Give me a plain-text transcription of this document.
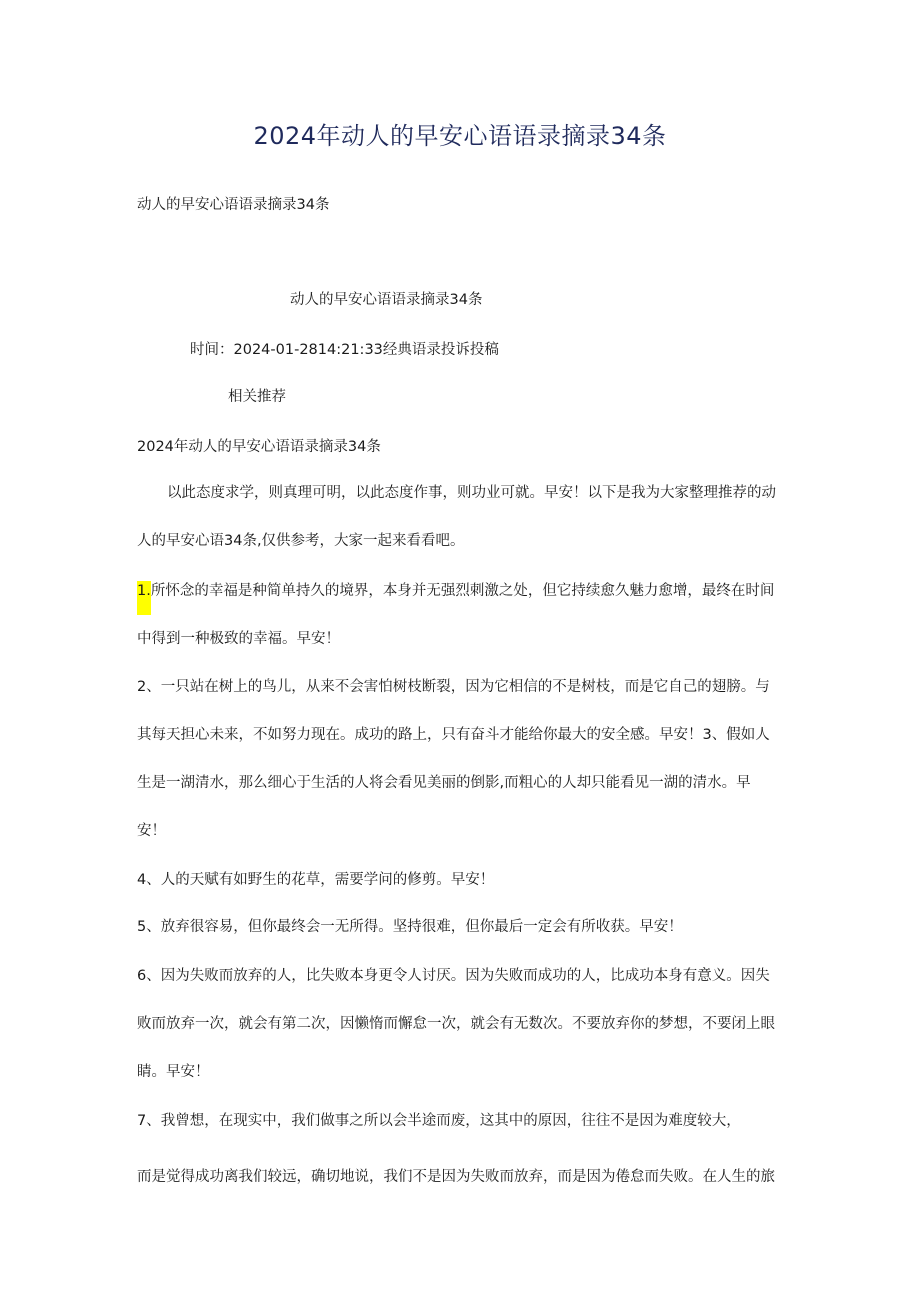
2024年动人的早安心语语录摘录34条

动人的早安心语语录摘录34条

动人的早安心语语录摘录34条

时间：2024-01-2814:21:33经典语录投诉投稿

相关推荐

2024年动人的早安心语语录摘录34条

以此态度求学，则真理可明，以此态度作事，则功业可就。早安！以下是我为大家整理推荐的动
人的早安心语34条,仅供参考，大家一起来看看吧。
1.所怀念的幸福是种简单持久的境界，本身并无强烈刺激之处，但它持续愈久魅力愈增，最终在时间
中得到一种极致的幸福。早安！
2、一只站在树上的鸟儿，从来不会害怕树枝断裂，因为它相信的不是树枝，而是它自己的翅膀。与
其每天担心未来，不如努力现在。成功的路上，只有奋斗才能给你最大的安全感。早安！3、假如人
生是一湖清水，那么细心于生活的人将会看见美丽的倒影,而粗心的人却只能看见一湖的清水。早
安！
4、人的天赋有如野生的花草，需要学问的修剪。早安！
5、放弃很容易，但你最终会一无所得。坚持很难，但你最后一定会有所收获。早安！
6、因为失败而放弃的人，比失败本身更令人讨厌。因为失败而成功的人，比成功本身有意义。因失
败而放弃一次，就会有第二次，因懒惰而懈怠一次，就会有无数次。不要放弃你的梦想，不要闭上眼
睛。早安！
7、我曾想，在现实中，我们做事之所以会半途而废，这其中的原因，往往不是因为难度较大，
而是觉得成功离我们较远，确切地说，我们不是因为失败而放弃，而是因为倦怠而失败。在人生的旅
